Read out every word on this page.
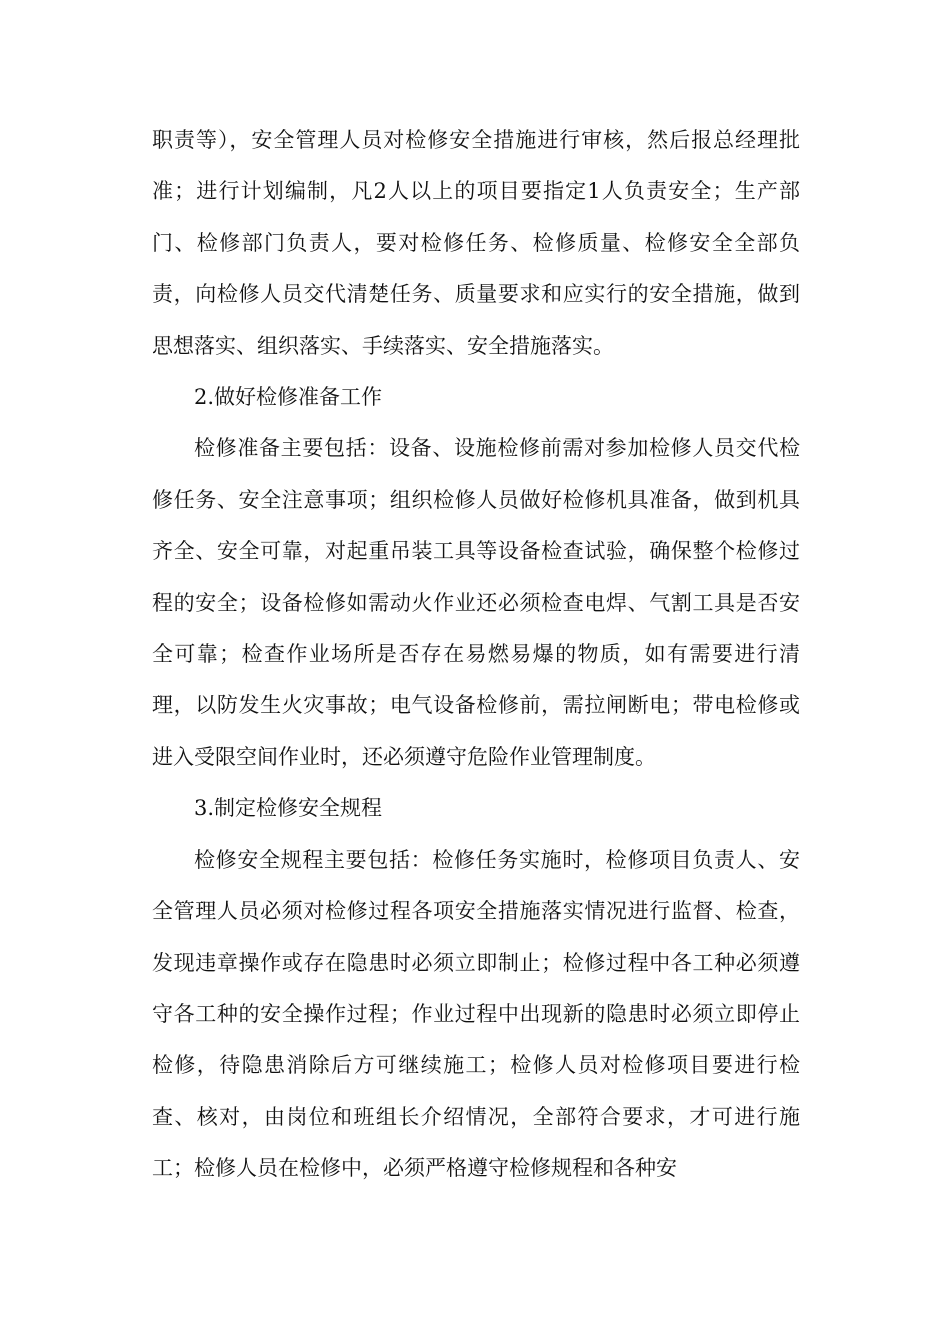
职责等），安全管理人员对检修安全措施进行审核，然后报总经理批准；进行计划编制，凡2人以上的项目要指定1人负责安全；生产部门、检修部门负责人，要对检修任务、检修质量、检修安全全部负责，向检修人员交代清楚任务、质量要求和应实行的安全措施，做到思想落实、组织落实、手续落实、安全措施落实。

2.做好检修准备工作

检修准备主要包括：设备、设施检修前需对参加检修人员交代检修任务、安全注意事项；组织检修人员做好检修机具准备，做到机具齐全、安全可靠，对起重吊装工具等设备检查试验，确保整个检修过程的安全；设备检修如需动火作业还必须检查电焊、气割工具是否安全可靠；检查作业场所是否存在易燃易爆的物质，如有需要进行清理，以防发生火灾事故；电气设备检修前，需拉闸断电；带电检修或进入受限空间作业时，还必须遵守危险作业管理制度。

3.制定检修安全规程

检修安全规程主要包括：检修任务实施时，检修项目负责人、安全管理人员必须对检修过程各项安全措施落实情况进行监督、检查，发现违章操作或存在隐患时必须立即制止；检修过程中各工种必须遵守各工种的安全操作过程；作业过程中出现新的隐患时必须立即停止检修，待隐患消除后方可继续施工；检修人员对检修项目要进行检查、核对，由岗位和班组长介绍情况，全部符合要求，才可进行施工；检修人员在检修中，必须严格遵守检修规程和各种安
